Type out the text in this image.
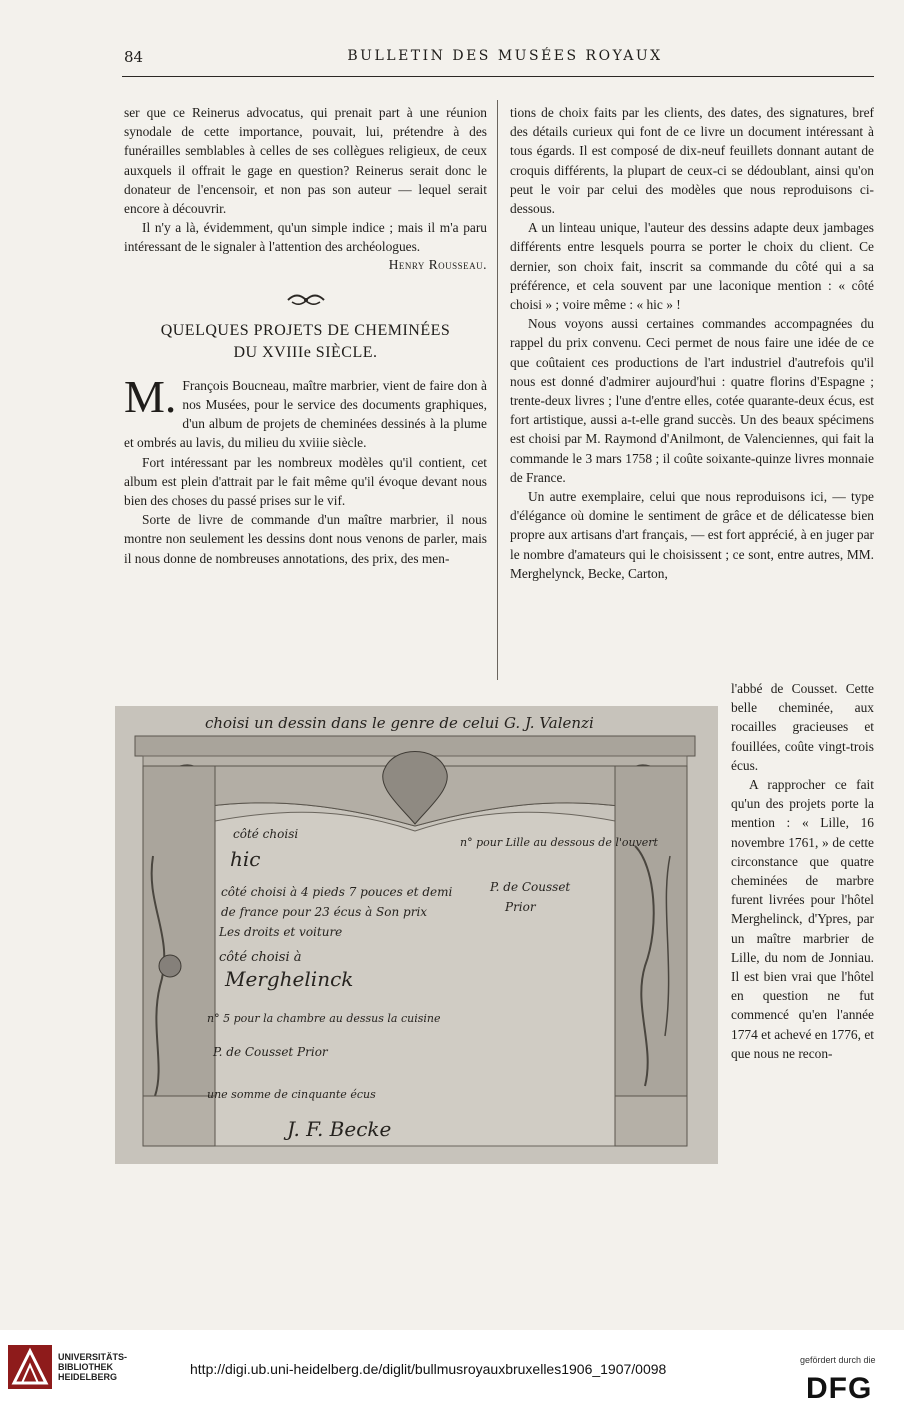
84	BULLETIN DES MUSÉES ROYAUX

ser que ce Reinerus advocatus, qui prenait part à une réunion synodale de cette importance, pouvait, lui, prétendre à des funérailles semblables à celles de ses collègues religieux, de ceux auxquels il offrait le gage en question? Reinerus serait donc le donateur de l'encensoir, et non pas son auteur — lequel serait encore à découvrir.

Il n'y a là, évidemment, qu'un simple indice ; mais il m'a paru intéressant de le signaler à l'attention des archéologues.

Henry Rousseau.
QUELQUES PROJETS DE CHEMINÉES
DU XVIIIe SIÈCLE.

M. François Boucneau, maître marbrier, vient de faire don à nos Musées, pour le service des documents graphiques, d'un album de projets de cheminées dessinés à la plume et ombrés au lavis, du milieu du xviiie siècle.

Fort intéressant par les nombreux modèles qu'il contient, cet album est plein d'attrait par le fait même qu'il évoque devant nous bien des choses du passé prises sur le vif.

Sorte de livre de commande d'un maître marbrier, il nous montre non seulement les dessins dont nous venons de parler, mais il nous donne de nombreuses annotations, des prix, des men-

tions de choix faits par les clients, des dates, des signatures, bref des détails curieux qui font de ce livre un document intéressant à tous égards. Il est composé de dix-neuf feuillets donnant autant de croquis différents, la plupart de ceux-ci se dédoublant, ainsi qu'on peut le voir par celui des modèles que nous reproduisons ci-dessous.

A un linteau unique, l'auteur des dessins adapte deux jambages différents entre lesquels pourra se porter le choix du client. Ce dernier, son choix fait, inscrit sa commande du côté qui a sa préférence, et cela souvent par une laconique mention : « côté choisi » ; voire même : « hic » !

Nous voyons aussi certaines commandes accompagnées du rappel du prix convenu. Ceci permet de nous faire une idée de ce que coûtaient ces productions de l'art industriel d'autrefois qu'il nous est donné d'admirer aujourd'hui : quatre florins d'Espagne ; trente-deux livres ; l'une d'entre elles, cotée quarante-deux écus, est fort artistique, aussi a-t-elle grand succès. Un des beaux spécimens est choisi par M. Raymond d'Anilmont, de Valenciennes, qui fait la commande le 3 mars 1758 ; il coûte soixante-quinze livres monnaie de France.

Un autre exemplaire, celui que nous reproduisons ici, — type d'élégance où domine le sentiment de grâce et de délicatesse bien propre aux artisans d'art français, — est fort apprécié, à en juger par le nombre d'amateurs qui le choisissent ; ce sont, entre autres, MM. Merghelynck, Becke, Carton,

l'abbé de Cousset. Cette belle cheminée, aux rocailles gracieuses et fouillées, coûte vingt-trois écus.

A rapprocher ce fait qu'un des projets porte la mention : « Lille, 16 novembre 1761, » de cette circonstance que quatre cheminées de marbre furent livrées pour l'hôtel Merghelinck, d'Ypres, par un maître marbrier de Lille, du nom de Jonniau. Il est bien vrai que l'hôtel en question ne fut commencé qu'en l'année 1774 et achevé en 1776, et que nous ne recon-

choisi un dessin dans le genre de celui G. J. Valenzi
côté choisi
hic
côté choisi à 4 pieds 7 pouces et demi
de france pour 23 écus à Son prix
Les droits et voiture
côté choisi à
Merghelinck
n° pour Lille au dessous de l'ouvert
P. de Cousset
Prior
n° 5 pour la chambre au dessus la cuisine
P. de Cousset Prior
une somme de cinquante écus
J. F. Becke
UNIVERSITÄTS-
BIBLIOTHEK
HEIDELBERG	http://digi.ub.uni-heidelberg.de/diglit/bullmusroyauxbruxelles1906_1907/0098
gefördert durch die
DFG
